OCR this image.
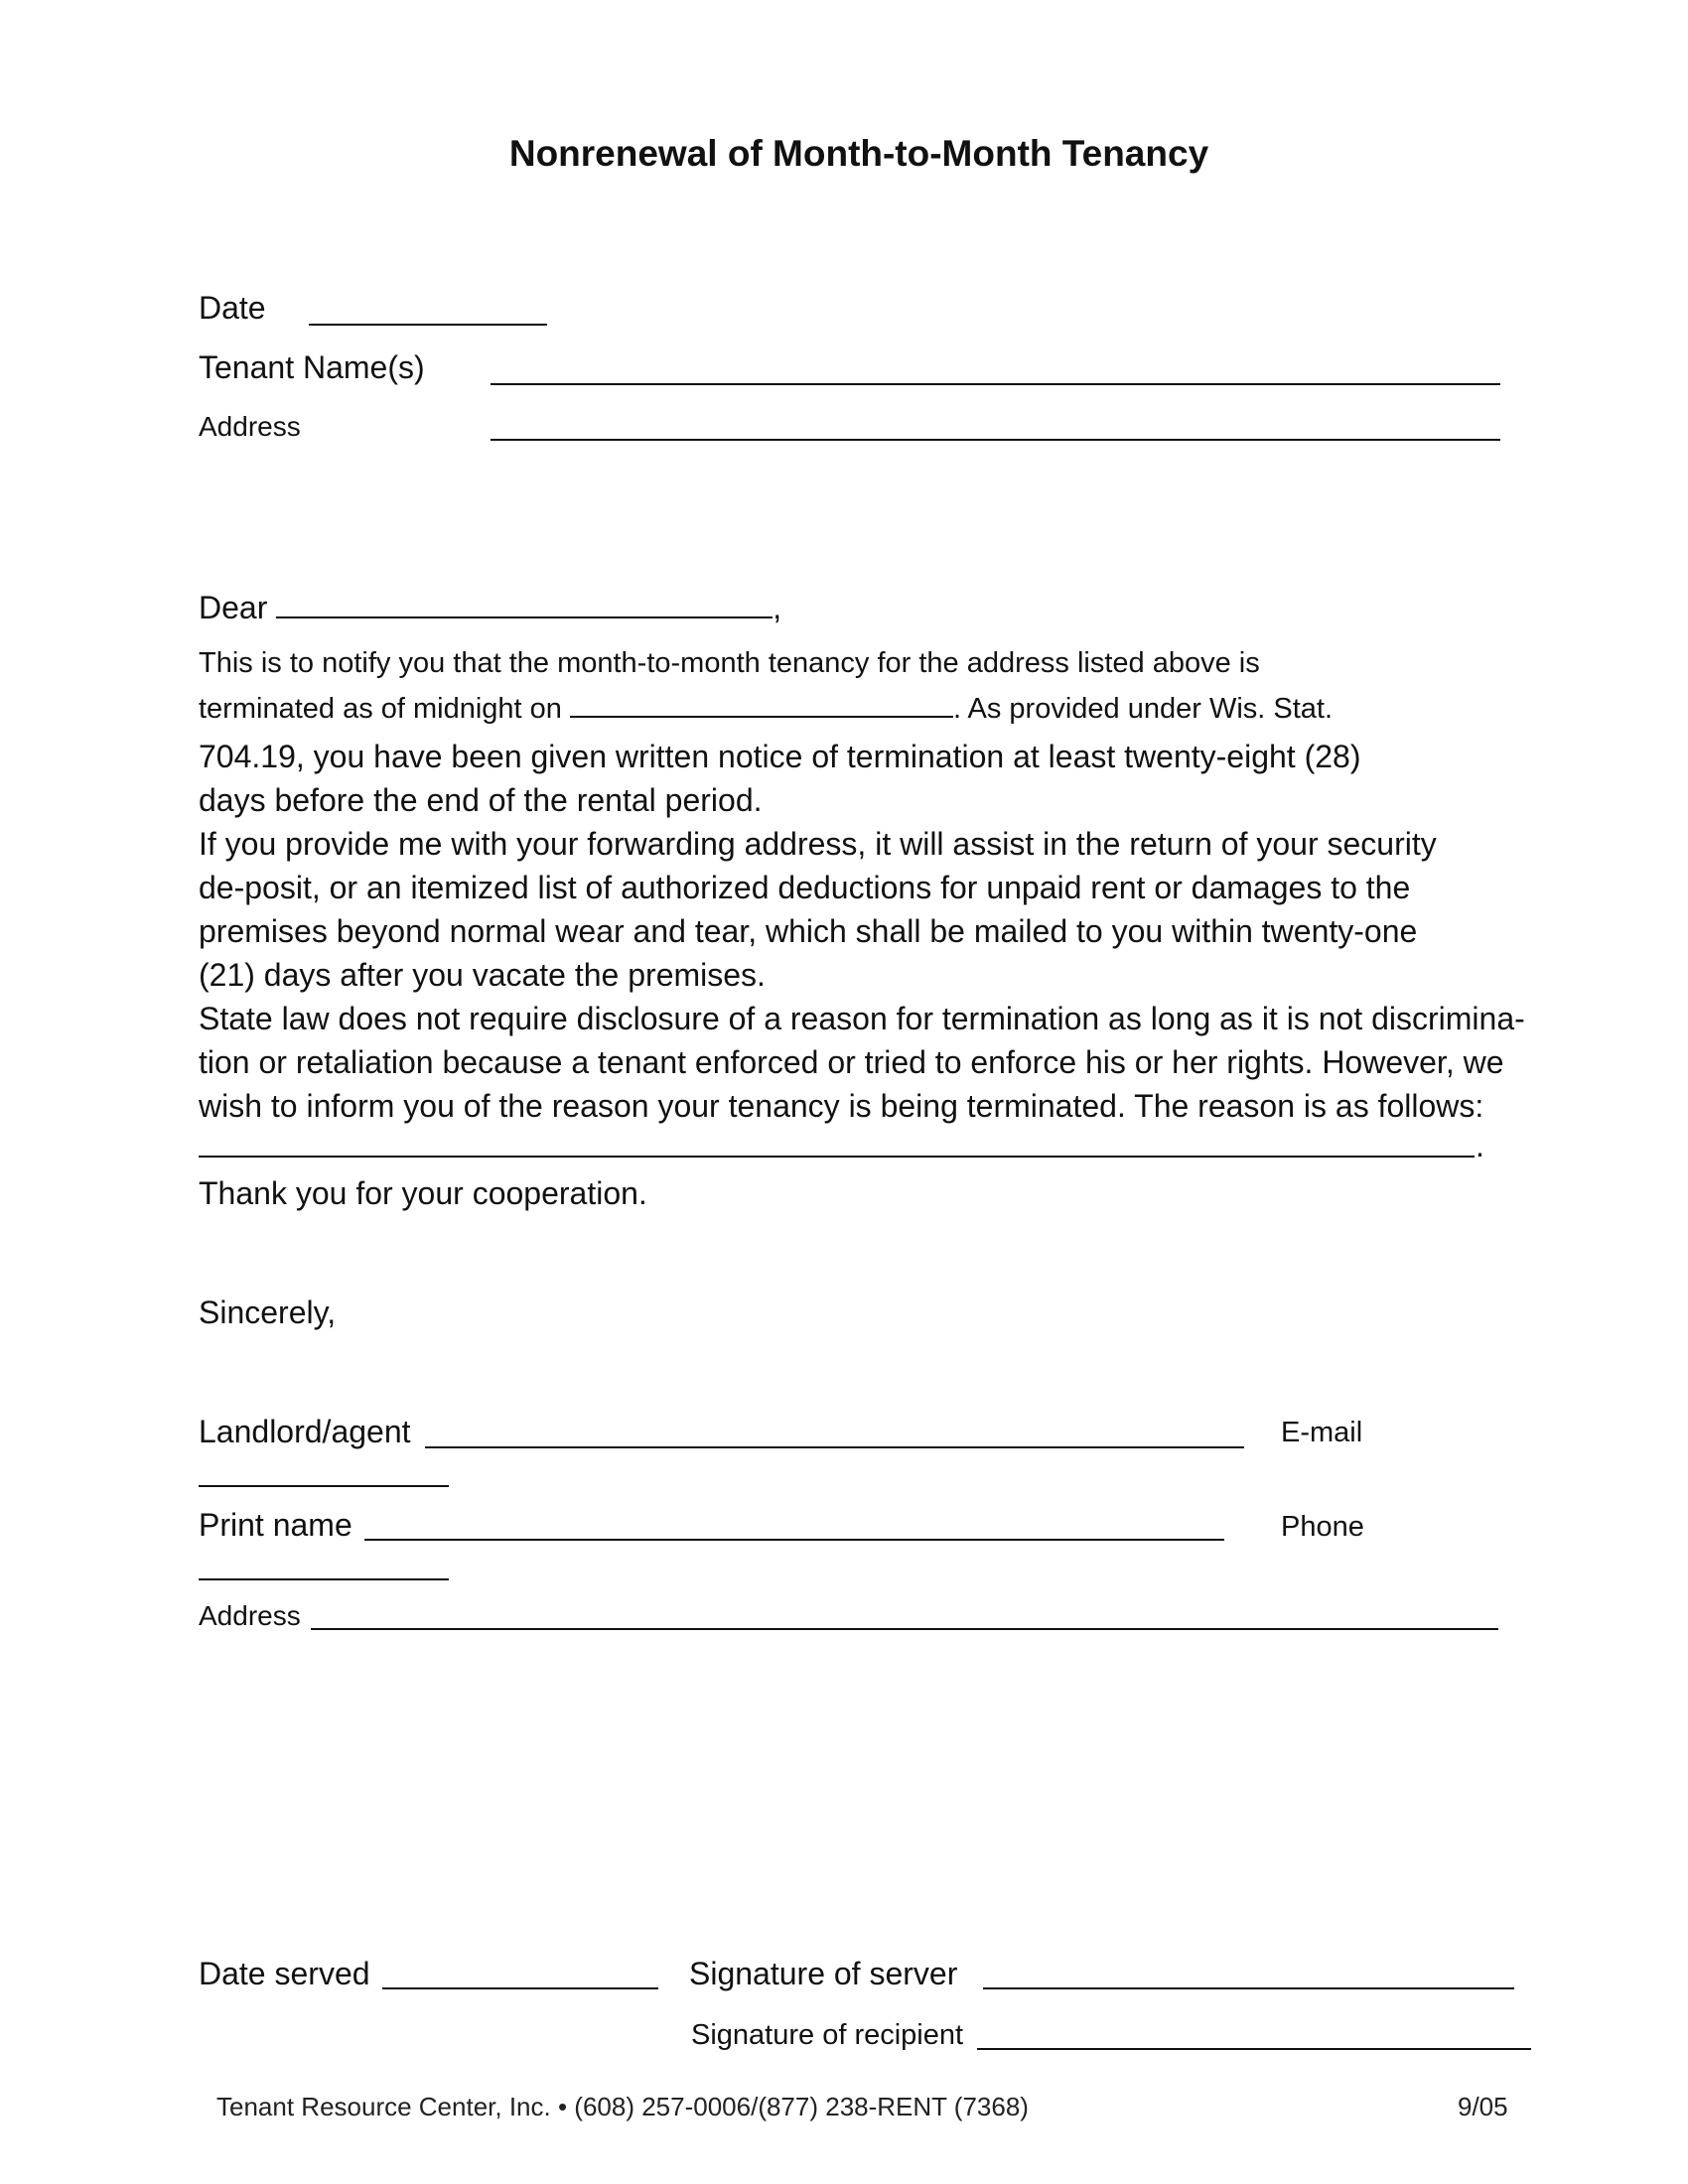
Nonrenewal of Month-to-Month Tenancy
Date
Tenant Name(s)
Address
Dear	,
This is to notify you that the month-to-month tenancy for the address listed above is
terminated as of midnight on	. As provided under Wis. Stat.
704.19, you have been given written notice of termination at least twenty-eight (28)
days before the end of the rental period.
If you provide me with your forwarding address, it will assist in the return of your security
de-posit, or an itemized list of authorized deductions for unpaid rent or damages to the
premises beyond normal wear and tear, which shall be mailed to you within twenty-one
(21) days after you vacate the premises.
State law does not require disclosure of a reason for termination as long as it is not discrimina-
tion or retaliation because a tenant enforced or tried to enforce his or her rights. However, we
wish to inform you of the reason your tenancy is being terminated. The reason is as follows:
.
Thank you for your cooperation.
Sincerely,
Landlord/agent	E-mail
Print name	Phone
Address
Date served	Signature of server
Signature of recipient
Tenant Resource Center, Inc. • (608) 257-0006/(877) 238-RENT (7368)	9/05
